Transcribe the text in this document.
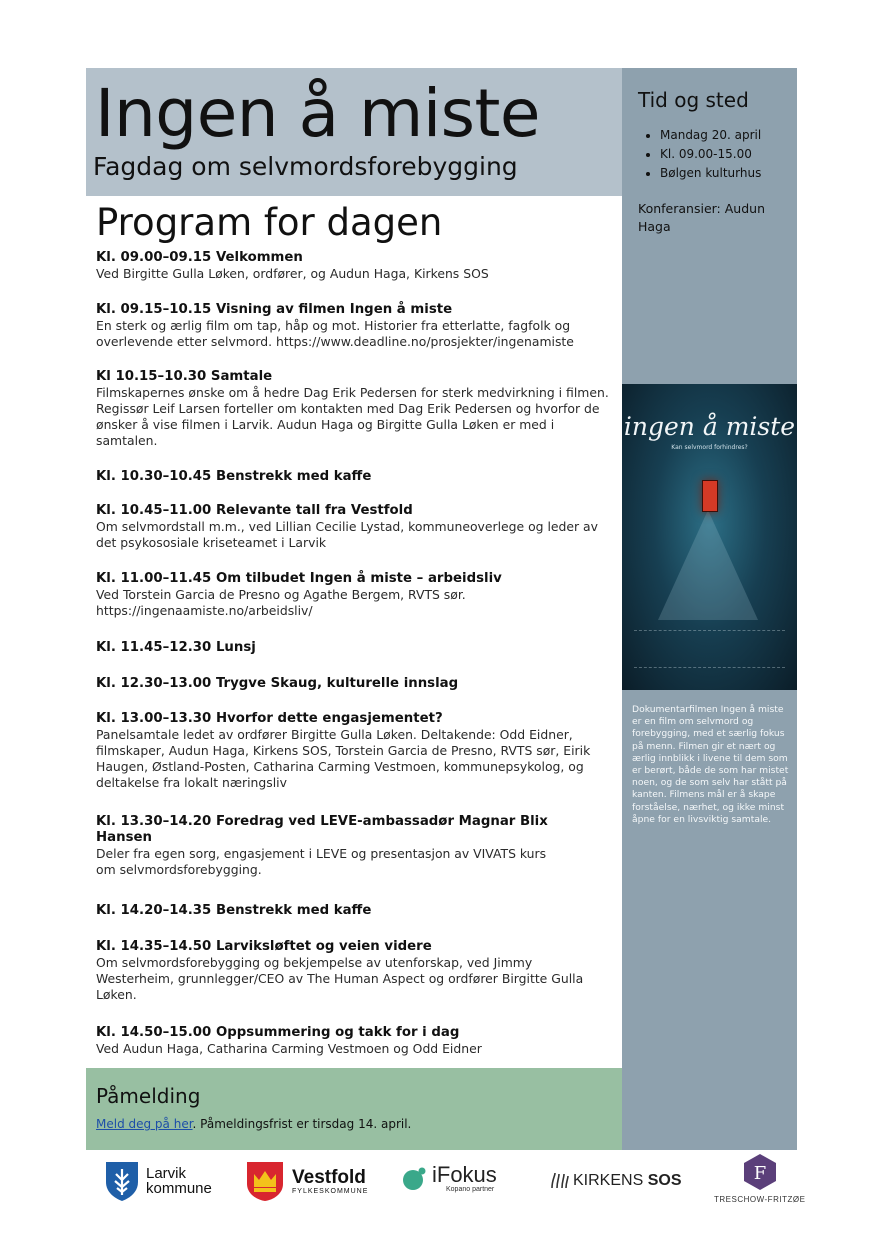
Ingen å miste
Fagdag om selvmordsforebygging
Tid og sted
• Mandag 20. april
• Kl. 09.00-15.00
• Bølgen kulturhus

Konferansier: Audun Haga

ingen å miste
Kan selvmord forhindres?

Dokumentarfilmen Ingen å miste er en film om selvmord og forebygging, med et særlig fokus på menn. Filmen gir et nært og ærlig innblikk i livene til dem som er berørt, både de som har mistet noen, og de som selv har stått på kanten. Filmens mål er å skape forståelse, nærhet, og ikke minst åpne for en livsviktig samtale.

Program for dagen

Kl. 09.00–09.15 Velkommen

Ved Birgitte Gulla Løken, ordfører, og Audun Haga, Kirkens SOS

Kl. 09.15–10.15 Visning av filmen Ingen å miste

En sterk og ærlig film om tap, håp og mot. Historier fra etterlatte, fagfolk og overlevende etter selvmord. https://www.deadline.no/prosjekter/ingenamiste

Kl 10.15–10.30 Samtale

Filmskapernes ønske om å hedre Dag Erik Pedersen for sterk medvirkning i filmen. Regissør Leif Larsen forteller om kontakten med Dag Erik Pedersen og hvorfor de ønsker å vise filmen i Larvik. Audun Haga og Birgitte Gulla Løken er med i samtalen.

Kl. 10.30–10.45 Benstrekk med kaffe

Kl. 10.45–11.00 Relevante tall fra Vestfold

Om selvmordstall m.m., ved Lillian Cecilie Lystad, kommuneoverlege og leder av det psykososiale kriseteamet i Larvik

Kl. 11.00–11.45 Om tilbudet Ingen å miste – arbeidsliv

Ved Torstein Garcia de Presno og Agathe Bergem, RVTS sør. https://ingenaamiste.no/arbeidsliv/

Kl. 11.45–12.30 Lunsj

Kl. 12.30–13.00 Trygve Skaug, kulturelle innslag

Kl. 13.00–13.30 Hvorfor dette engasjementet?

Panelsamtale ledet av ordfører Birgitte Gulla Løken. Deltakende: Odd Eidner, filmskaper, Audun Haga, Kirkens SOS, Torstein Garcia de Presno, RVTS sør, Eirik Haugen, Østland-Posten, Catharina Carming Vestmoen, kommunepsykolog, og deltakelse fra lokalt næringsliv

Kl. 13.30–14.20 Foredrag ved LEVE-ambassadør Magnar Blix Hansen

Deler fra egen sorg, engasjement i LEVE og presentasjon av VIVATS kurs om selvmordsforebygging.

Kl. 14.20–14.35 Benstrekk med kaffe

Kl. 14.35–14.50 Larviksløftet og veien videre

Om selvmordsforebygging og bekjempelse av utenforskap, ved Jimmy Westerheim, grunnlegger/CEO av The Human Aspect og ordfører Birgitte Gulla Løken.

Kl. 14.50–15.00 Oppsummering og takk for i dag

Ved Audun Haga, Catharina Carming Vestmoen og Odd Eidner

Påmelding

Meld deg på her. Påmeldingsfrist er tirsdag 14. april.

Larvik
kommune
Vestfold
FYLKESKOMMUNE
iFokus
Kopano partner
KIRKENS SOS	F
TRESCHOW-FRITZØE
